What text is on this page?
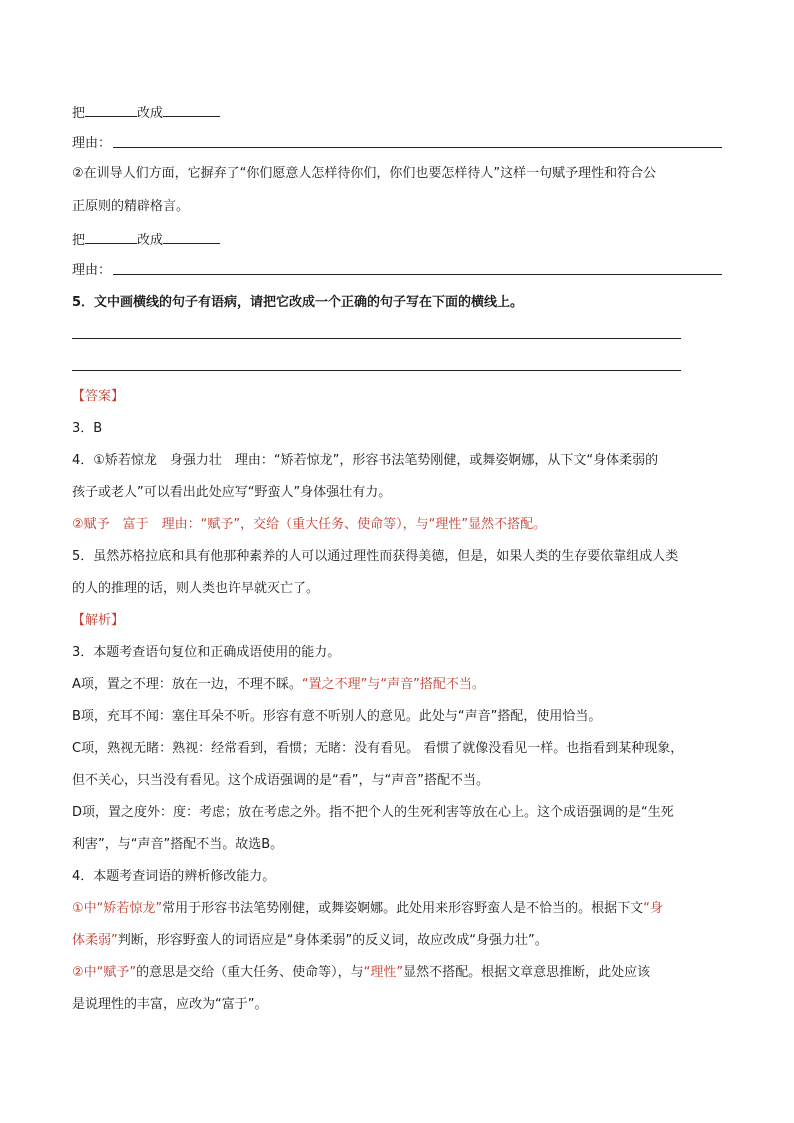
把	改成
理由：
②在训导人们方面，它摒弃了“你们愿意人怎样待你们，你们也要怎样待人”这样一句赋予理性和符合公
正原则的精辟格言。
把	改成
理由：
5．文中画横线的句子有语病，请把它改成一个正确的句子写在下面的横线上。
【答案】
3．B
4．①矫若惊龙　身强力壮　理由：“矫若惊龙”，形容书法笔势刚健，或舞姿婀娜，从下文“身体柔弱的
孩子或老人”可以看出此处应写“野蛮人”身体强壮有力。
②赋予　富于　理由：“赋予”，交给（重大任务、使命等），与“理性”显然不搭配。
5．虽然苏格拉底和具有他那种素养的人可以通过理性而获得美德，但是，如果人类的生存要依靠组成人类
的人的推理的话，则人类也许早就灭亡了。
【解析】
3．本题考查语句复位和正确成语使用的能力。
A项，置之不理：放在一边，不理不睬。“置之不理”与“声音”搭配不当。
B项，充耳不闻：塞住耳朵不听。形容有意不听别人的意见。此处与“声音”搭配，使用恰当。
C项，熟视无睹：熟视：经常看到，看惯；无睹：没有看见。 看惯了就像没看见一样。也指看到某种现象，
但不关心，只当没有看见。这个成语强调的是“看”，与“声音”搭配不当。
D项，置之度外：度：考虑；放在考虑之外。指不把个人的生死利害等放在心上。这个成语强调的是“生死
利害”，与“声音”搭配不当。故选B。
4．本题考查词语的辨析修改能力。
①中“矫若惊龙”常用于形容书法笔势刚健，或舞姿婀娜。此处用来形容野蛮人是不恰当的。根据下文“身
体柔弱”判断，形容野蛮人的词语应是“身体柔弱”的反义词，故应改成“身强力壮”。
②中“赋予”的意思是交给（重大任务、使命等），与“理性”显然不搭配。根据文章意思推断，此处应该
是说理性的丰富，应改为“富于”。
